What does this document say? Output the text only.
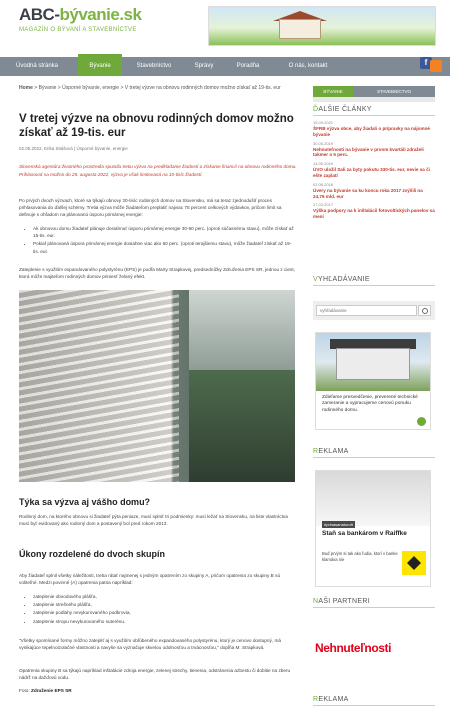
ABC-bývanie.sk
MAGAZÍN O BÝVANÍ A STAVEBNÍCTVE
Úvodná stránka	Bývanie	Stavebníctvo	Správy	Poradňa	O nás, kontakt	f
Home > Bývanie > Úsporné bývanie, energie > V tretej výzve na obnovu rodinných domov možno získať až 19-tis. eur
V tretej výzve na obnovu rodinných domov možno získať až 19-tis. eur
02.05.2022, Erika Sitášová | Úsporné bývanie, energie
Slovenská agentúra životného prostredia spustila tretiu výzvu na predkladanie žiadostí o získanie financií na obnovu rodinného domu. Prihlasovať sa možno do 25. augusta 2022, výzva je však limitovaná na 10-tisíc žiadostí.
Po prvých dvoch výzvach, ktoré sa týkajú obnovy 30-tisíc rodinných domov na Slovensku, má sa teraz zjednodušiť proces prihlasovania do ďalšej schémy. Tretia výzva môže žiadateľom preplatiť najviac 75 percent celkových výdavkov, pričom limit sa definuje s ohľadom na plánovanú úsporu primárnej energie:
• Ak obnovou domu žiadateľ plánuje dosiahnuť úsporu primárnej energie 30-60 perc. (oproti súčasnému stavu), môže získať až 15-tis. eur.
• Pokiaľ plánovaná úspora primárnej energie dosiahne viac ako 60 perc. (oproti terajšiemu stavu), môže žiadateľ získať až 19-tis. eur.
Zateplenie s využitím expandovaného polystyrénu (EPS) je podľa Marty Strapkovej, predsedníčky Združenia EPS SR, jednou z ciest, ktorá môže majiteľom rodinných domov priniesť želaný efekt.
Týka sa výzva aj vášho domu?
Rodinný dom, na ktorého obnovu si žiadateľ pýta peniaze, musí splniť tri podmienky: musí ležať na Slovensku, na liste vlastníctva musí byť evidovaný ako rodinný dom a postavený bol pred rokom 2013.
Úkony rozdelené do dvoch skupín
Aby žiadateľ splnil všetky náležitosti, treba rátať najmenej s jedným opatrením zo skupiny A, pričom opatrenia zo skupiny B sú voliteľné. Medzi povinné (A) opatrenia patria napríklad:
• zateplenie obvodového plášťa,
• zateplenie strešného plášťa,
• zateplenie podlahy nevykurovaného podkrovia,
• zateplenie stropu nevykurovaného suterénu.
"Všetky spomínané formy môžno zatepliť aj s využitím obľúbeného expandovaného polystyrénu, ktorý je cenovo dostupný, má vynikajúce tepelnoizolačné vlastnosti a navyše sa vyznačuje skvelou odolnosťou a trvácnosťou," dopĺňa M. Strapková.
Opatrenia skupiny B sa týkajú napríklad inštalácie zdroja energie, zelenej strechy, tienenia, odstránenia azbestu či dobitie na zberu nádrž na dažďovú vodu.
Foto: Združenie EPS SR
BÝVANIE	STAVEBNÍCTVO
ĎALŠIE ČLÁNKY
15.09.2021
ŠFRB výzva obce, aby žiadali o prípravky na nájomné bývanie
30.05.2019
Nehnuteľnosti na bývanie v prvom kvartáli zdraželi takmer o 5 perc.
14.05.2019
ÚVO uložil Sali za byty pokutu 330-tis. eur, nevie sa či ešte zaplatí
02.08.2018
Úvery na bývanie sa ku koncu roka 2017 zvýšili na 24,76 mld. eur
27.03.2017
Výška podpory na k inštalácii fotovoltických panelov sa mení
VYHĽADÁVANIE
vyhľadávanie
Zdieľame presvedčenie, preverené technické zameranie a vypracujeme cenovú ponuku rodinného domu.
REKLAMA
#prinasanaturoft
Staň sa bankárom v Raiffke
Buď prvým si tak ako ľudia, ktorí v banke klamáva nie
NAŠI PARTNERI
Nehnuteľnosti
REKLAMA
